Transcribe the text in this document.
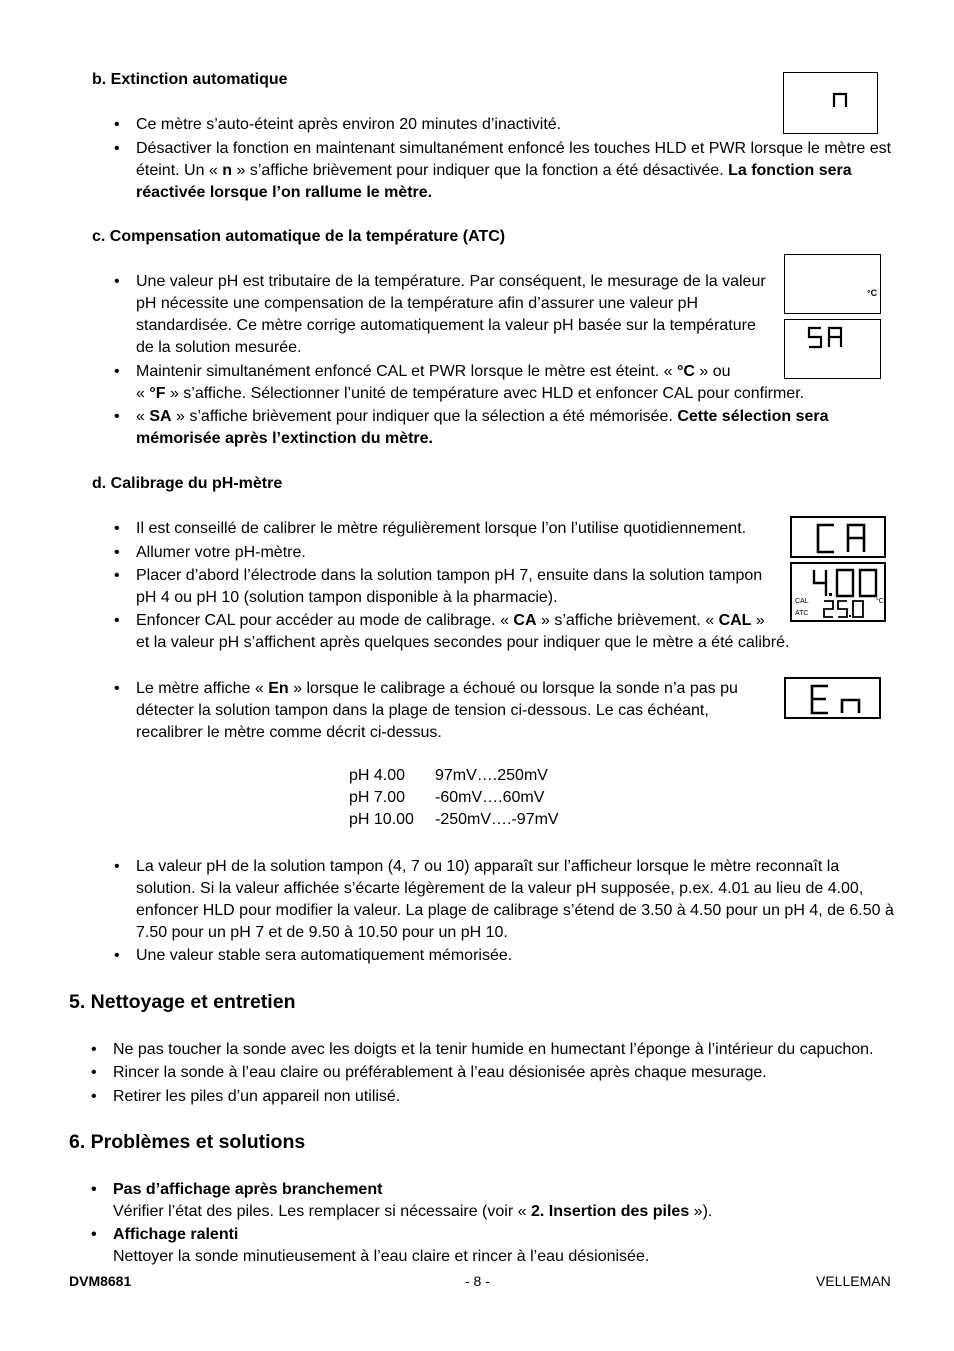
b. Extinction automatique
• Ce mètre s’auto-éteint après environ 20 minutes d’inactivité.
• Désactiver la fonction en maintenant simultanément enfoncé les touches HLD et PWR lorsque le mètre est
éteint. Un « n » s’affiche brièvement pour indiquer que la fonction a été désactivée. La fonction sera
réactivée lorsque l’on rallume le mètre.
c. Compensation automatique de la température (ATC)
• Une valeur pH est tributaire de la température. Par conséquent, le mesurage de la valeur
pH nécessite une compensation de la température afin d’assurer une valeur pH
standardisée. Ce mètre corrige automatiquement la valeur pH basée sur la température
de la solution mesurée.
• Maintenir simultanément enfoncé CAL et PWR lorsque le mètre est éteint. « °C » ou
« °F » s’affiche. Sélectionner l’unité de température avec HLD et enfoncer CAL pour confirmer.
• « SA » s’affiche brièvement pour indiquer que la sélection a été mémorisée. Cette sélection sera
mémorisée après l’extinction du mètre.
°C
d. Calibrage du pH-mètre
• Il est conseillé de calibrer le mètre régulièrement lorsque l’on l’utilise quotidiennement.
• Allumer votre pH-mètre.
• Placer d’abord l’électrode dans la solution tampon pH 7, ensuite dans la solution tampon
pH 4 ou pH 10 (solution tampon disponible à la pharmacie).
• Enfoncer CAL pour accéder au mode de calibrage. « CA » s’affiche brièvement. « CAL »
et la valeur pH s’affichent après quelques secondes pour indiquer que le mètre a été calibré.
• Le mètre affiche « En » lorsque le calibrage a échoué ou lorsque la sonde n’a pas pu
détecter la solution tampon dans la plage de tension ci-dessous. Le cas échéant,
recalibrer le mètre comme décrit ci-dessus.
CAL
ATC
°C
pH 4.00 97mV….250mV
pH 7.00 -60mV….60mV
pH 10.00 -250mV….-97mV
• La valeur pH de la solution tampon (4, 7 ou 10) apparaît sur l’afficheur lorsque le mètre reconnaît la
solution. Si la valeur affichée s’écarte légèrement de la valeur pH supposée, p.ex. 4.01 au lieu de 4.00,
enfoncer HLD pour modifier la valeur. La plage de calibrage s’étend de 3.50 à 4.50 pour un pH 4, de 6.50 à
7.50 pour un pH 7 et de 9.50 à 10.50 pour un pH 10.
• Une valeur stable sera automatiquement mémorisée.
5. Nettoyage et entretien
• Ne pas toucher la sonde avec les doigts et la tenir humide en humectant l’éponge à l’intérieur du capuchon.
• Rincer la sonde à l’eau claire ou préférablement à l’eau désionisée après chaque mesurage.
• Retirer les piles d’un appareil non utilisé.
6. Problèmes et solutions
• Pas d’affichage après branchement
Vérifier l’état des piles. Les remplacer si nécessaire (voir « 2. Insertion des piles »).
• Affichage ralenti
Nettoyer la sonde minutieusement à l’eau claire et rincer à l’eau désionisée.
DVM8681	- 8 -	VELLEMAN
